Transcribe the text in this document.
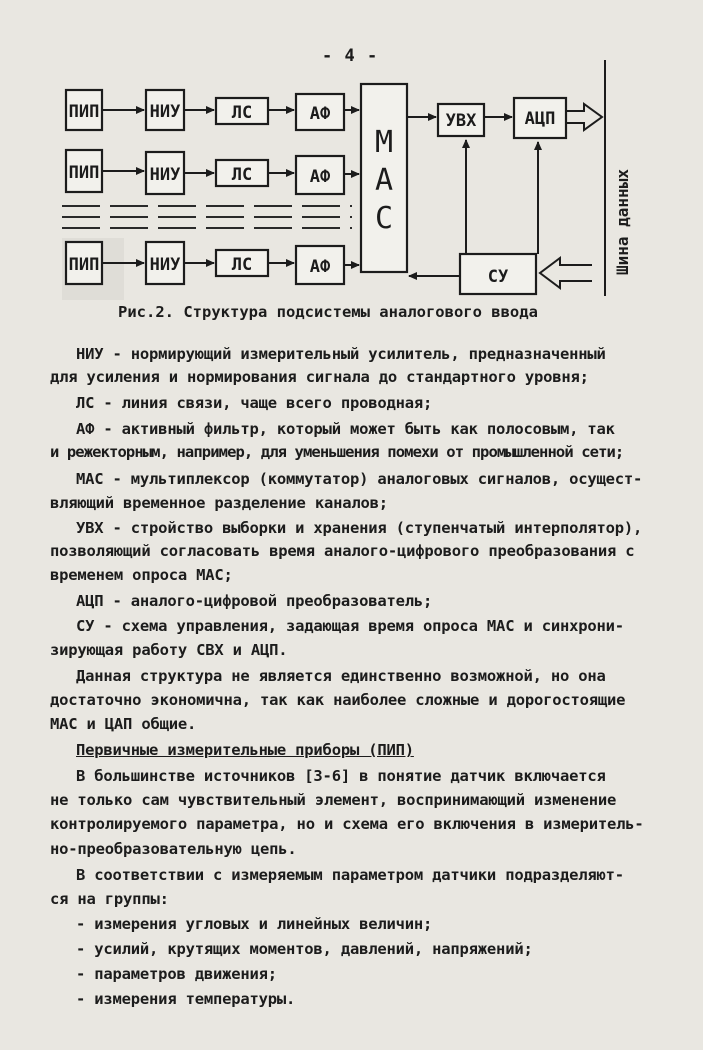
- 4 -
ПИП	НИУ	ЛС	АФ
ПИП	НИУ	ЛС	АФ
ПИП	НИУ	ЛС	АФ
М
А
С
УВХ	АЦП
СУ
Шина данных
Рис.2. Структура подсистемы аналогового ввода
НИУ - нормирующий измерительный усилитель, предназначенный
для усиления и нормирования сигнала до стандартного уровня;
ЛС - линия связи, чаще всего проводная;
АФ - активный фильтр, который может быть как полосовым, так
и режекторным, например, для уменьшения помехи от промышленной сети;
МАС - мультиплексор (коммутатор) аналоговых сигналов, осущест-
вляющий временное разделение каналов;
УВХ - стройство выборки и хранения (ступенчатый интерполятор),
позволяющий согласовать время аналого-цифрового преобразования с
временем опроса МАС;
АЦП - аналого-цифровой преобразователь;
СУ - схема управления, задающая время опроса МАС и синхрони-
зирующая работу СВХ и АЦП.
Данная структура не является единственно возможной, но она
достаточно экономична, так как наиболее сложные и дорогостоящие
МАС и ЦАП общие.
Первичные измерительные приборы (ПИП)
В большинстве источников [3-6] в понятие датчик включается
не только сам чувствительный элемент, воспринимающий изменение
контролируемого параметра, но и схема его включения в измеритель-
но-преобразовательную цепь.
В соответствии с измеряемым параметром датчики подразделяют-
ся на группы:
- измерения угловых и линейных величин;
- усилий, крутящих моментов, давлений, напряжений;
- параметров движения;
- измерения температуры.
